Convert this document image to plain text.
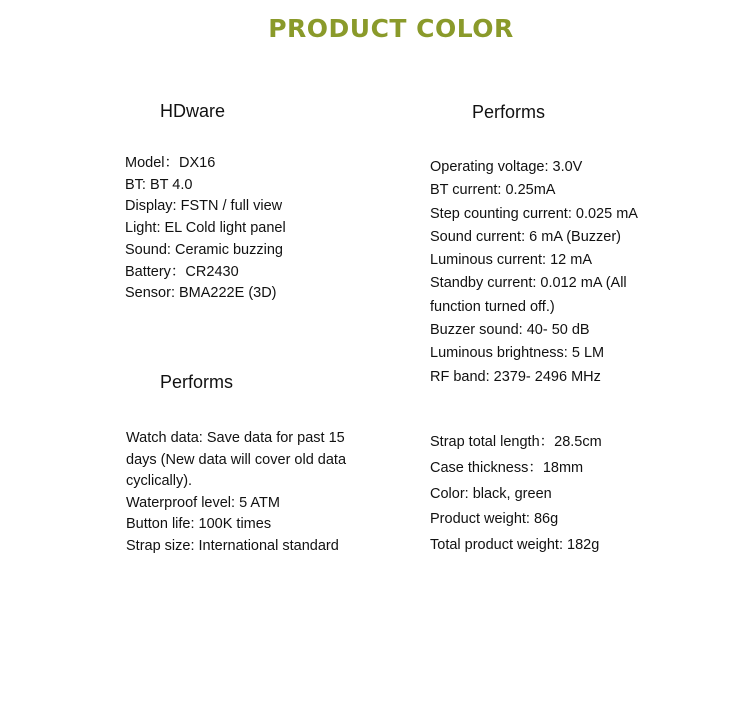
PRODUCT COLOR
HDware
Model：DX16
BT: BT 4.0
Display: FSTN / full view
Light: EL Cold light panel
Sound: Ceramic buzzing
Battery：CR2430
Sensor: BMA222E (3D)
Performs
Operating voltage: 3.0V
BT current: 0.25mA
Step counting current: 0.025 mA
Sound current: 6 mA (Buzzer)
Luminous current: 12 mA
Standby current: 0.012 mA (All
function turned off.)
Buzzer sound: 40- 50 dB
Luminous brightness: 5 LM
RF band: 2379- 2496 MHz
Performs
Watch data: Save data for past 15 days (New data will cover old data cyclically).
Waterproof level: 5 ATM
Button life: 100K times
Strap size: International standard
Strap total length：28.5cm
Case thickness：18mm
Color: black, green
Product weight: 86g
Total product weight: 182g
